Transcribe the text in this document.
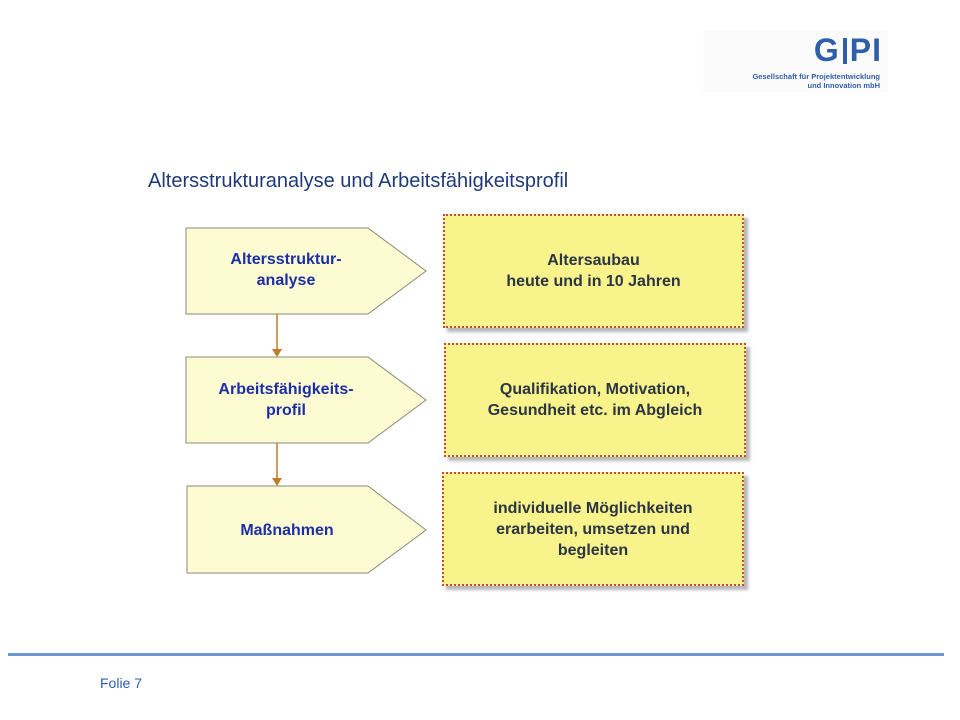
G PI
Gesellschaft für Projektentwicklung
und Innovation mbH
Altersstrukturanalyse und Arbeitsfähigkeitsprofil
Altersstruktur-
analyse
Arbeitsfähigkeits-
profil
Maßnahmen
Altersaubau
heute und in 10 Jahren
Qualifikation, Motivation,
Gesundheit etc. im Abgleich
individuelle Möglichkeiten
erarbeiten, umsetzen und
begleiten
Folie 7
